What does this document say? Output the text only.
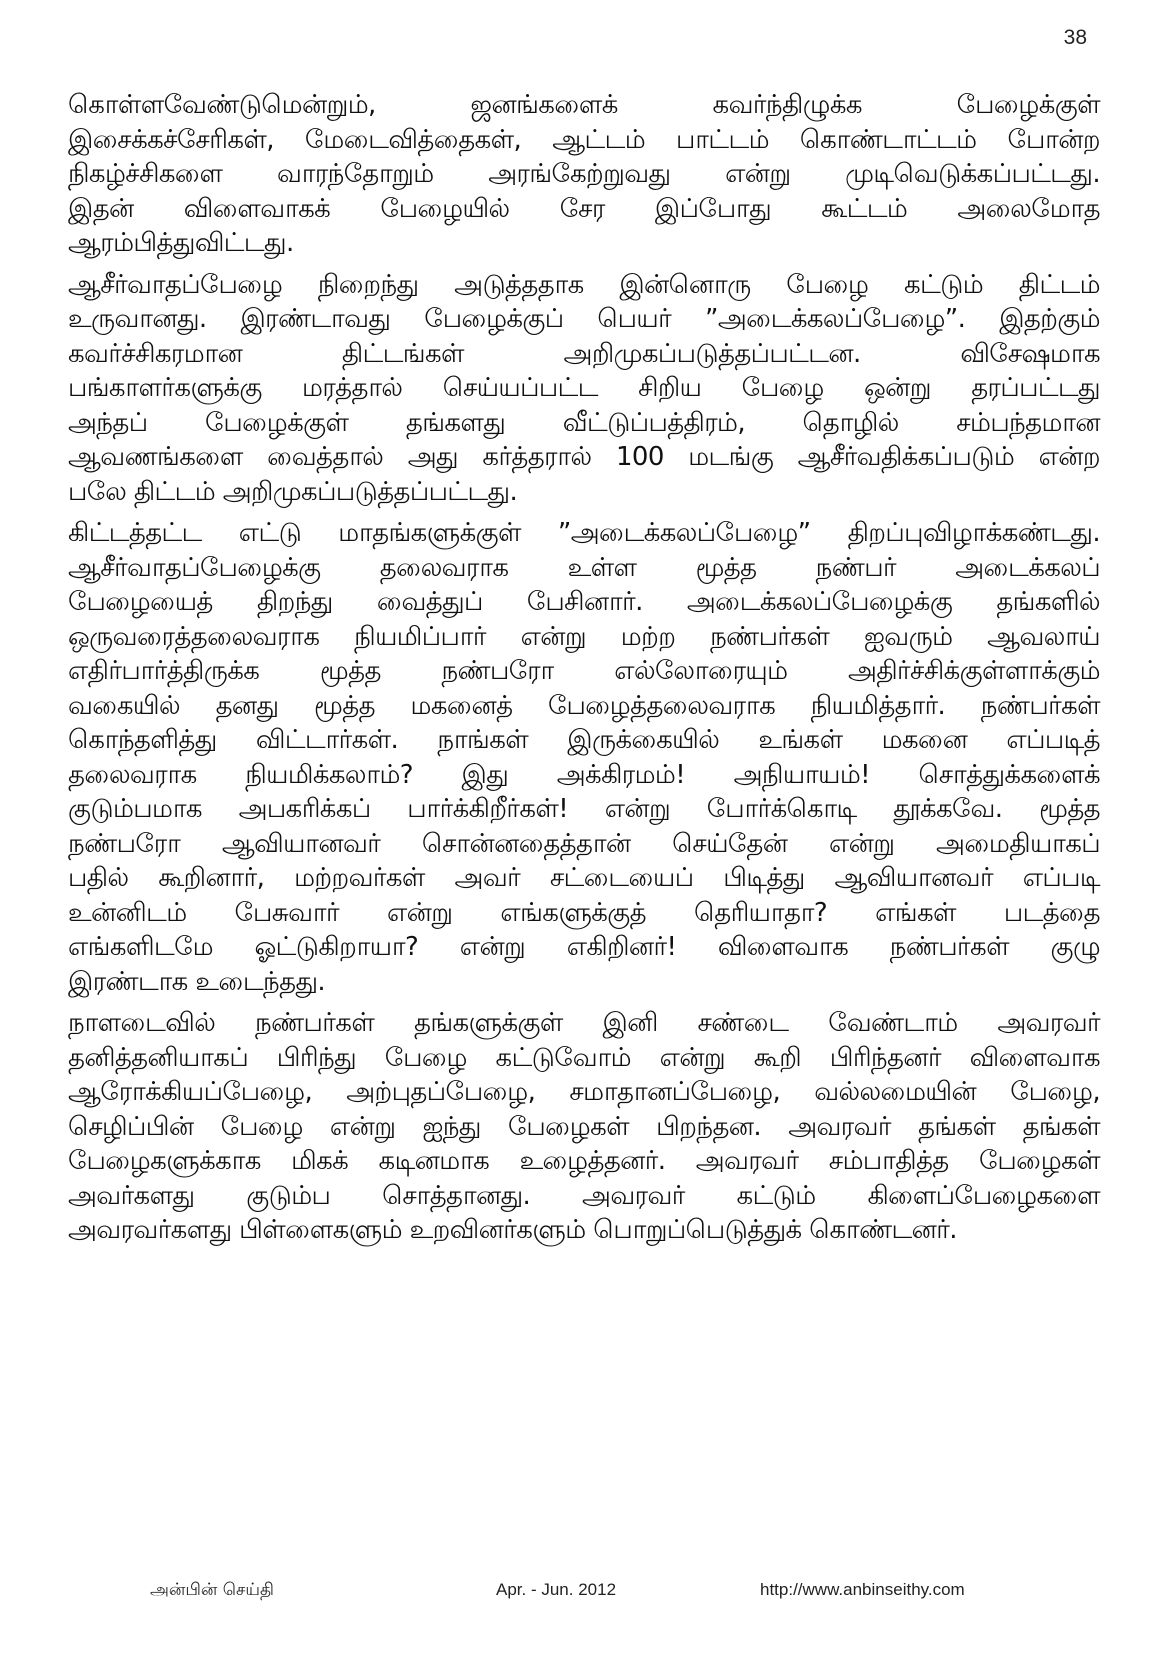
38
கொள்ளவேண்டுமென்றும், ஜனங்களைக் கவர்ந்திழுக்க பேழைக்குள்
இசைக்கச்சேரிகள், மேடைவித்தைகள், ஆட்டம் பாட்டம் கொண்டாட்டம் போன்ற
நிகழ்ச்சிகளை வாரந்தோறும் அரங்கேற்றுவது என்று முடிவெடுக்கப்பட்டது.
இதன் விளைவாகக் பேழையில் சேர இப்போது கூட்டம் அலைமோத
ஆரம்பித்துவிட்டது.
ஆசீர்வாதப்பேழை நிறைந்து அடுத்ததாக இன்னொரு பேழை கட்டும் திட்டம்
உருவானது. இரண்டாவது பேழைக்குப் பெயர் ”அடைக்கலப்பேழை”. இதற்கும்
கவர்ச்சிகரமான திட்டங்கள் அறிமுகப்படுத்தப்பட்டன. விசேஷமாக
பங்காளர்களுக்கு மரத்தால் செய்யப்பட்ட சிறிய பேழை ஒன்று தரப்பட்டது
அந்தப் பேழைக்குள் தங்களது வீட்டுப்பத்திரம், தொழில் சம்பந்தமான
ஆவணங்களை வைத்தால் அது கர்த்தரால் 100 மடங்கு ஆசீர்வதிக்கப்படும் என்ற
பலே திட்டம் அறிமுகப்படுத்தப்பட்டது.
கிட்டத்தட்ட எட்டு மாதங்களுக்குள் ”அடைக்கலப்பேழை” திறப்புவிழாக்கண்டது.
ஆசீர்வாதப்பேழைக்கு தலைவராக உள்ள மூத்த நண்பர் அடைக்கலப்
பேழையைத் திறந்து வைத்துப் பேசினார். அடைக்கலப்பேழைக்கு தங்களில்
ஒருவரைத்தலைவராக நியமிப்பார் என்று மற்ற நண்பர்கள் ஐவரும் ஆவலாய்
எதிர்பார்த்திருக்க மூத்த நண்பரோ எல்லோரையும் அதிர்ச்சிக்குள்ளாக்கும்
வகையில் தனது மூத்த மகனைத் பேழைத்தலைவராக நியமித்தார். நண்பர்கள்
கொந்தளித்து விட்டார்கள். நாங்கள் இருக்கையில் உங்கள் மகனை எப்படித்
தலைவராக நியமிக்கலாம்? இது அக்கிரமம்! அநியாயம்! சொத்துக்களைக்
குடும்பமாக அபகரிக்கப் பார்க்கிறீர்கள்! என்று போர்க்கொடி தூக்கவே. மூத்த
நண்பரோ ஆவியானவர் சொன்னதைத்தான் செய்தேன் என்று அமைதியாகப்
பதில் கூறினார், மற்றவர்கள் அவர் சட்டையைப் பிடித்து ஆவியானவர் எப்படி
உன்னிடம் பேசுவார் என்று எங்களுக்குத் தெரியாதா? எங்கள் படத்தை
எங்களிடமே ஓட்டுகிறாயா? என்று எகிறினர்! விளைவாக நண்பர்கள் குழு
இரண்டாக உடைந்தது.
நாளடைவில் நண்பர்கள் தங்களுக்குள் இனி சண்டை வேண்டாம் அவரவர்
தனித்தனியாகப் பிரிந்து பேழை கட்டுவோம் என்று கூறி பிரிந்தனர் விளைவாக
ஆரோக்கியப்பேழை, அற்புதப்பேழை, சமாதானப்பேழை, வல்லமையின் பேழை,
செழிப்பின் பேழை என்று ஐந்து பேழைகள் பிறந்தன. அவரவர் தங்கள் தங்கள்
பேழைகளுக்காக மிகக் கடினமாக உழைத்தனர். அவரவர் சம்பாதித்த பேழைகள்
அவர்களது குடும்ப சொத்தானது. அவரவர் கட்டும் கிளைப்பேழைகளை
அவரவர்களது பிள்ளைகளும் உறவினர்களும் பொறுப்பெடுத்துக் கொண்டனர்.
அன்பின் செய்தி	Apr. - Jun. 2012	http://www.anbinseithy.com
